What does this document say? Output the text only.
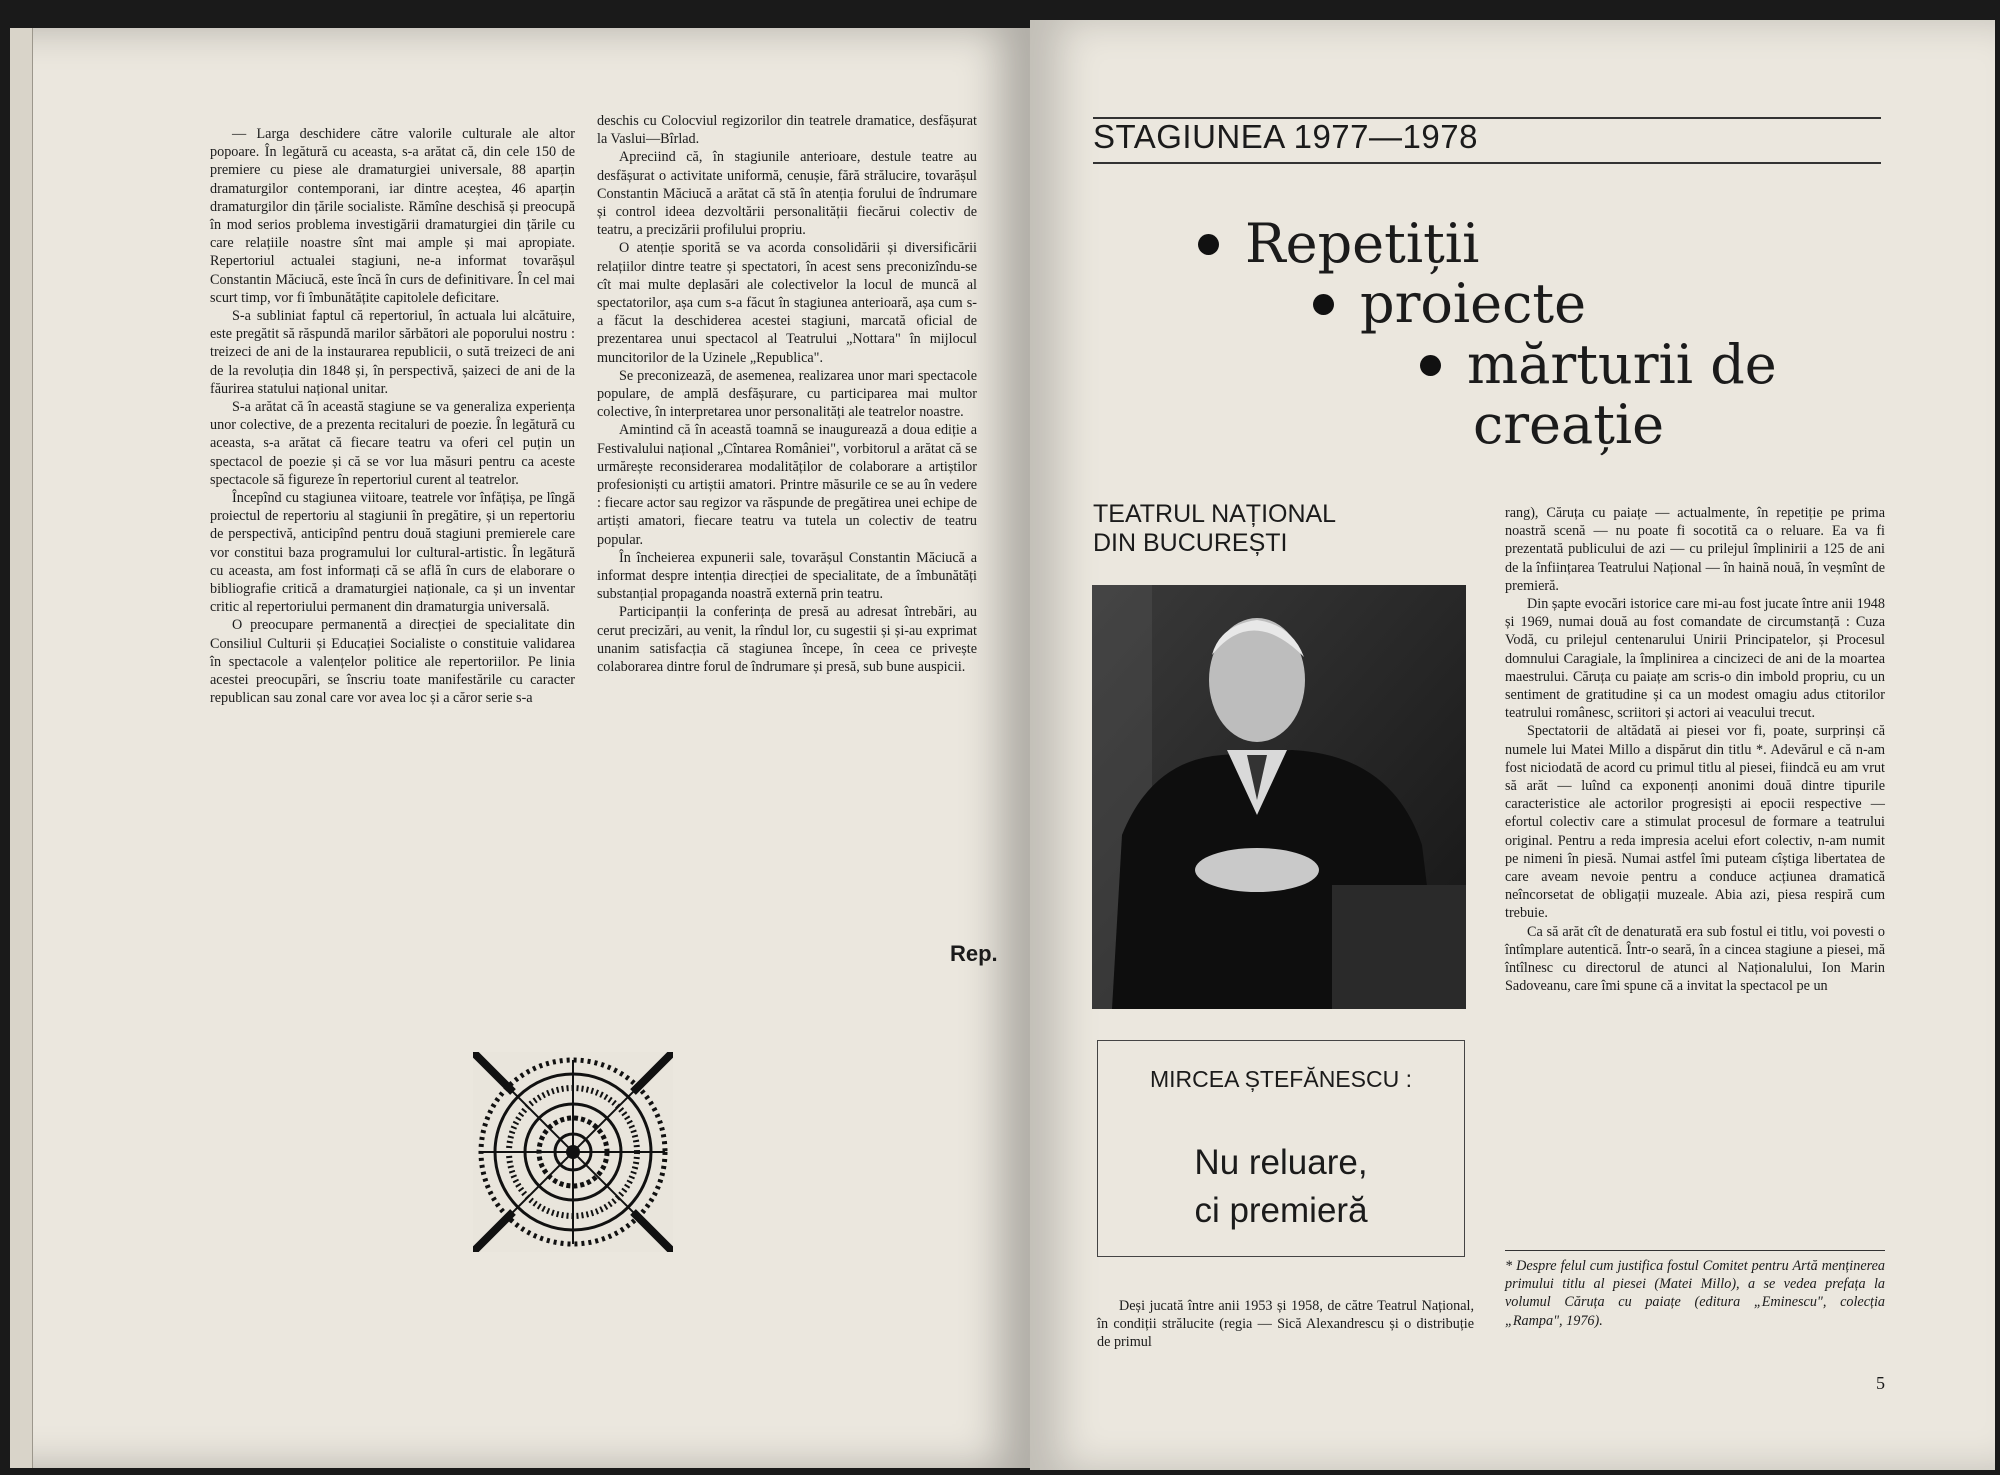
— Larga deschidere către valorile culturale ale altor popoare. În legătură cu aceasta, s-a arătat că, din cele 150 de premiere cu piese ale dramaturgiei universale, 88 aparțin dramaturgilor contemporani, iar dintre aceștea, 46 aparțin dramaturgilor din țările socialiste. Rămîne deschisă și preocupă în mod serios problema investigării dramaturgiei din țările cu care relațiile noastre sînt mai ample și mai apropiate. Repertoriul actualei stagiuni, ne-a informat tovarășul Constantin Măciucă, este încă în curs de definitivare. În cel mai scurt timp, vor fi îmbunătățite capitolele deficitare.

S-a subliniat faptul că repertoriul, în actuala lui alcătuire, este pregătit să răspundă marilor sărbători ale poporului nostru : treizeci de ani de la instaurarea republicii, o sută treizeci de ani de la revoluția din 1848 și, în perspectivă, șaizeci de ani de la făurirea statului național unitar.

S-a arătat că în această stagiune se va generaliza experiența unor colective, de a prezenta recitaluri de poezie. În legătură cu aceasta, s-a arătat că fiecare teatru va oferi cel puțin un spectacol de poezie și că se vor lua măsuri pentru ca aceste spectacole să figureze în repertoriul curent al teatrelor.

Începînd cu stagiunea viitoare, teatrele vor înfățișa, pe lîngă proiectul de repertoriu al stagiunii în pregătire, și un repertoriu de perspectivă, anticipînd pentru două stagiuni premierele care vor constitui baza programului lor cultural-artistic. În legătură cu aceasta, am fost informați că se află în curs de elaborare o bibliografie critică a dramaturgiei naționale, ca și un inventar critic al repertoriului permanent din dramaturgia universală.

O preocupare permanentă a direcției de specialitate din Consiliul Culturii și Educației Socialiste o constituie validarea în spectacole a valențelor politice ale repertoriilor. Pe linia acestei preocupări, se înscriu toate manifestările cu caracter republican sau zonal care vor avea loc și a căror serie s-a

deschis cu Colocviul regizorilor din teatrele dramatice, desfășurat la Vaslui—Bîrlad.

Apreciind că, în stagiunile anterioare, destule teatre au desfășurat o activitate uniformă, cenușie, fără strălucire, tovarășul Constantin Măciucă a arătat că stă în atenția forului de îndrumare și control ideea dezvoltării personalității fiecărui colectiv de teatru, a precizării profilului propriu.

O atenție sporită se va acorda consolidării și diversificării relațiilor dintre teatre și spectatori, în acest sens preconizîndu-se cît mai multe deplasări ale colectivelor la locul de muncă al spectatorilor, așa cum s-a făcut în stagiunea anterioară, așa cum s-a făcut la deschiderea acestei stagiuni, marcată oficial de prezentarea unui spectacol al Teatrului „Nottara" în mijlocul muncitorilor de la Uzinele „Republica".

Se preconizează, de asemenea, realizarea unor mari spectacole populare, de amplă desfășurare, cu participarea mai multor colective, în interpretarea unor personalități ale teatrelor noastre.

Amintind că în această toamnă se inaugurează a doua ediție a Festivalului național „Cîntarea României", vorbitorul a arătat că se urmărește reconsiderarea modalităților de colaborare a artiștilor profesioniști cu artiștii amatori. Printre măsurile ce se au în vedere : fiecare actor sau regizor va răspunde de pregătirea unei echipe de artiști amatori, fiecare teatru va tutela un colectiv de teatru popular.

În încheierea expunerii sale, tovarășul Constantin Măciucă a informat despre intenția direcției de specialitate, de a îmbunătăți substanțial propaganda noastră externă prin teatru.

Participanții la conferința de presă au adresat întrebări, au cerut precizări, au venit, la rîndul lor, cu sugestii și și-au exprimat unanim satisfacția că stagiunea începe, în ceea ce privește colaborarea dintre forul de îndrumare și presă, sub bune auspicii.

Rep.
STAGIUNEA 1977—1978
Repetiții
proiecte
mărturii de
creație
TEATRUL NAȚIONAL
DIN BUCUREȘTI
MIRCEA ȘTEFĂNESCU :
Nu reluare,
ci premieră

Deși jucată între anii 1953 și 1958, de către Teatrul Național, în condiții strălucite (regia — Sică Alexandrescu și o distribuție de primul

rang), Căruța cu paiațe — actualmente, în repetiție pe prima noastră scenă — nu poate fi socotită ca o reluare. Ea va fi prezentată publicului de azi — cu prilejul împlinirii a 125 de ani de la înființarea Teatrului Național — în haină nouă, în veșmînt de premieră.

Din șapte evocări istorice care mi-au fost jucate între anii 1948 și 1969, numai două au fost comandate de circumstanță : Cuza Vodă, cu prilejul centenarului Unirii Principatelor, și Procesul domnului Caragiale, la împlinirea a cincizeci de ani de la moartea maestrului. Căruța cu paiațe am scris-o din imbold propriu, cu un sentiment de gratitudine și ca un modest omagiu adus ctitorilor teatrului românesc, scriitori și actori ai veacului trecut.

Spectatorii de altădată ai piesei vor fi, poate, surprinși că numele lui Matei Millo a dispărut din titlu *. Adevărul e că n-am fost niciodată de acord cu primul titlu al piesei, fiindcă eu am vrut să arăt — luînd ca exponenți anonimi două dintre tipurile caracteristice ale actorilor progresiști ai epocii respective — efortul colectiv care a stimulat procesul de formare a teatrului original. Pentru a reda impresia acelui efort colectiv, n-am numit pe nimeni în piesă. Numai astfel îmi puteam cîștiga libertatea de care aveam nevoie pentru a conduce acțiunea dramatică neîncorsetat de obligații muzeale. Abia azi, piesa respiră cum trebuie.

Ca să arăt cît de denaturată era sub fostul ei titlu, voi povesti o întîmplare autentică. Într-o seară, în a cincea stagiune a piesei, mă întîlnesc cu directorul de atunci al Naționalului, Ion Marin Sadoveanu, care îmi spune că a invitat la spectacol pe un

* Despre felul cum justifica fostul Comitet pentru Artă menținerea primului titlu al piesei (Matei Millo), a se vedea prefața la volumul Căruța cu paiațe (editura „Eminescu", colecția „Rampa", 1976).
5
